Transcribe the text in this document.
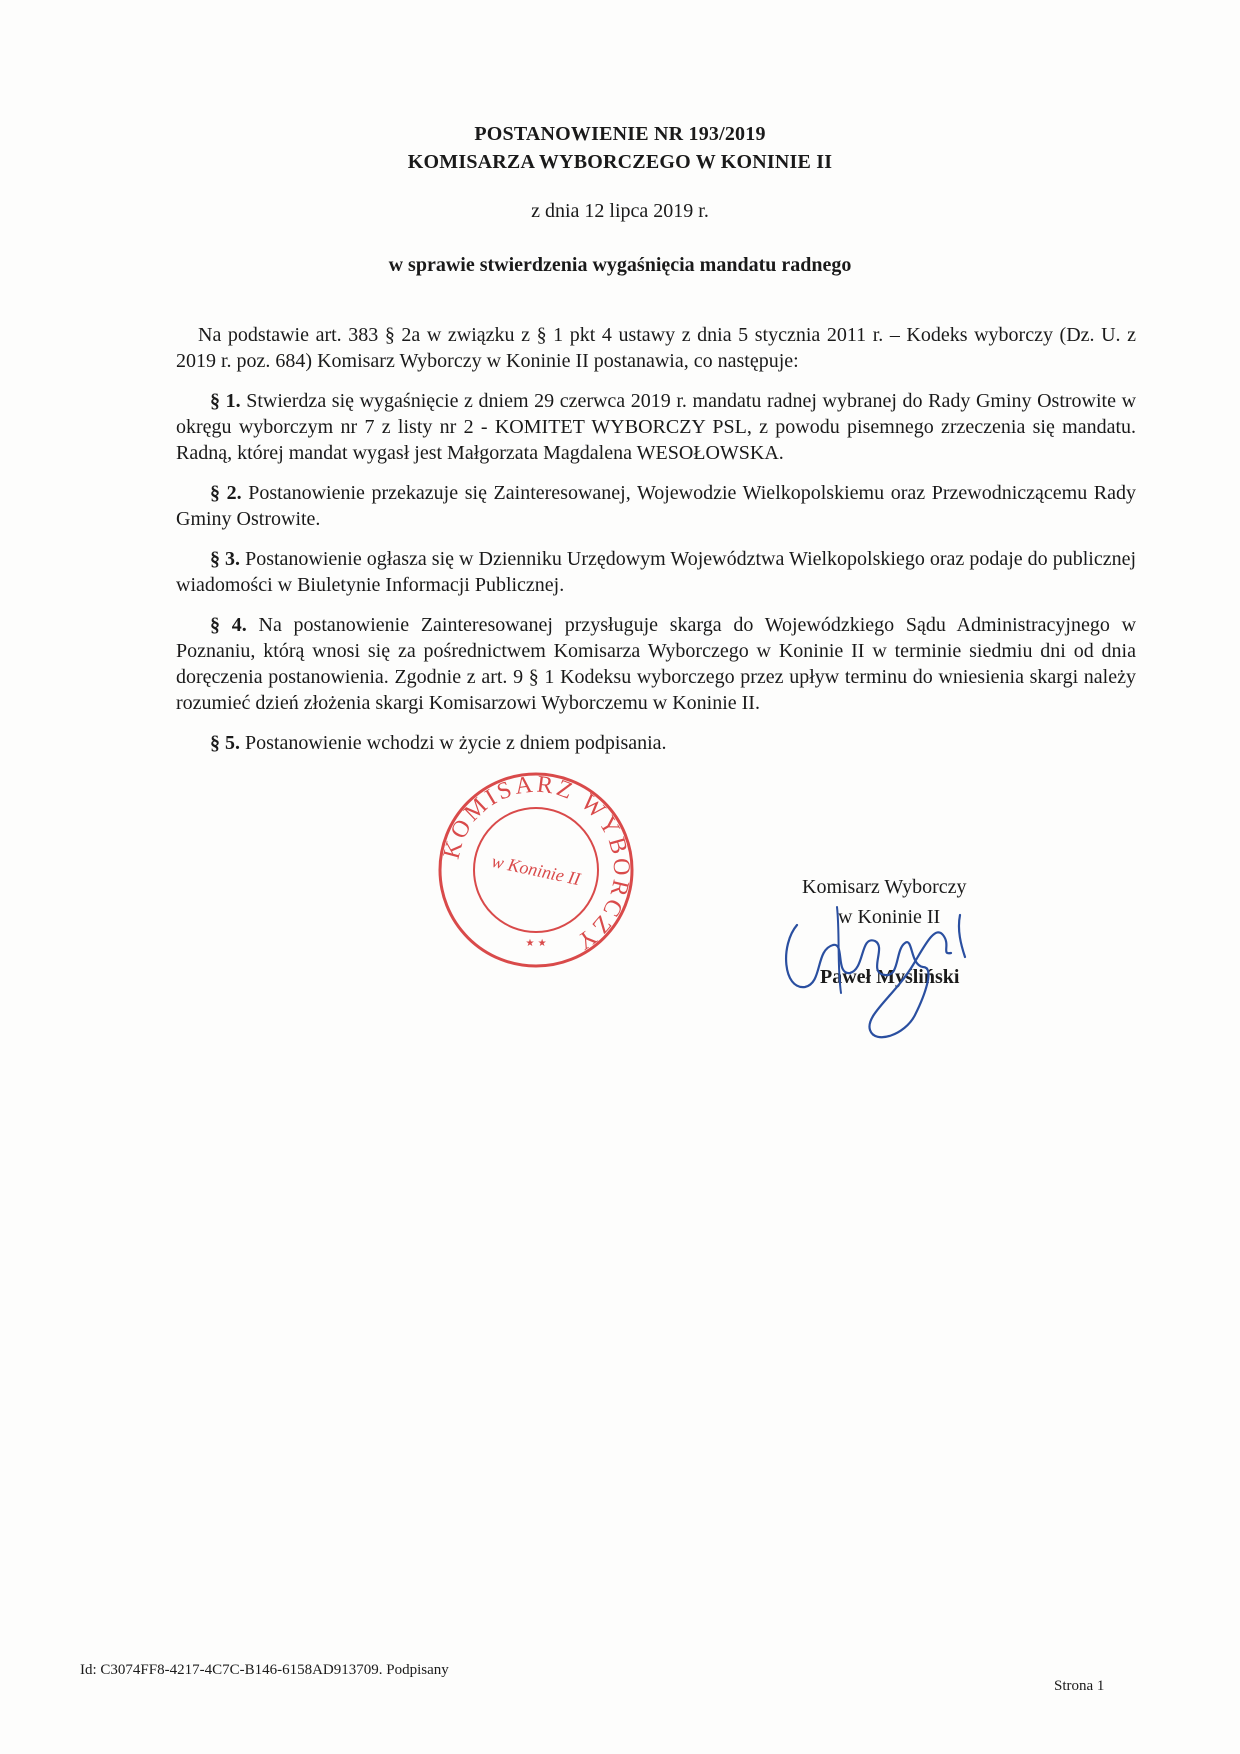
POSTANOWIENIE NR 193/2019
KOMISARZA WYBORCZEGO W KONINIE II
z dnia 12 lipca 2019 r.
w sprawie stwierdzenia wygaśnięcia mandatu radnego

Na podstawie art. 383 § 2a w związku z § 1 pkt 4 ustawy z dnia 5 stycznia 2011 r. – Kodeks wyborczy (Dz. U. z 2019 r. poz. 684) Komisarz Wyborczy w Koninie II postanawia, co następuje:

§ 1. Stwierdza się wygaśnięcie z dniem 29 czerwca 2019 r. mandatu radnej wybranej do Rady Gminy Ostrowite w okręgu wyborczym nr 7 z listy nr 2 - KOMITET WYBORCZY PSL, z powodu pisemnego zrzeczenia się mandatu. Radną, której mandat wygasł jest Małgorzata Magdalena WESOŁOWSKA.

§ 2. Postanowienie przekazuje się Zainteresowanej, Wojewodzie Wielkopolskiemu oraz Przewodniczącemu Rady Gminy Ostrowite.

§ 3. Postanowienie ogłasza się w Dzienniku Urzędowym Województwa Wielkopolskiego oraz podaje do publicznej wiadomości w Biuletynie Informacji Publicznej.

§ 4. Na postanowienie Zainteresowanej przysługuje skarga do Wojewódzkiego Sądu Administracyjnego w Poznaniu, którą wnosi się za pośrednictwem Komisarza Wyborczego w Koninie II w terminie siedmiu dni od dnia doręczenia postanowienia. Zgodnie z art. 9 § 1 Kodeksu wyborczego przez upływ terminu do wniesienia skargi należy rozumieć dzień złożenia skargi Komisarzowi Wyborczemu w Koninie II.

§ 5. Postanowienie wchodzi w życie z dniem podpisania.

KOMISARZ WYBORCZY
w Koninie II
★ ★
Komisarz Wyborczy
w Koninie II
Paweł Myśliński
Id: C3074FF8-4217-4C7C-B146-6158AD913709. Podpisany
Strona 1
